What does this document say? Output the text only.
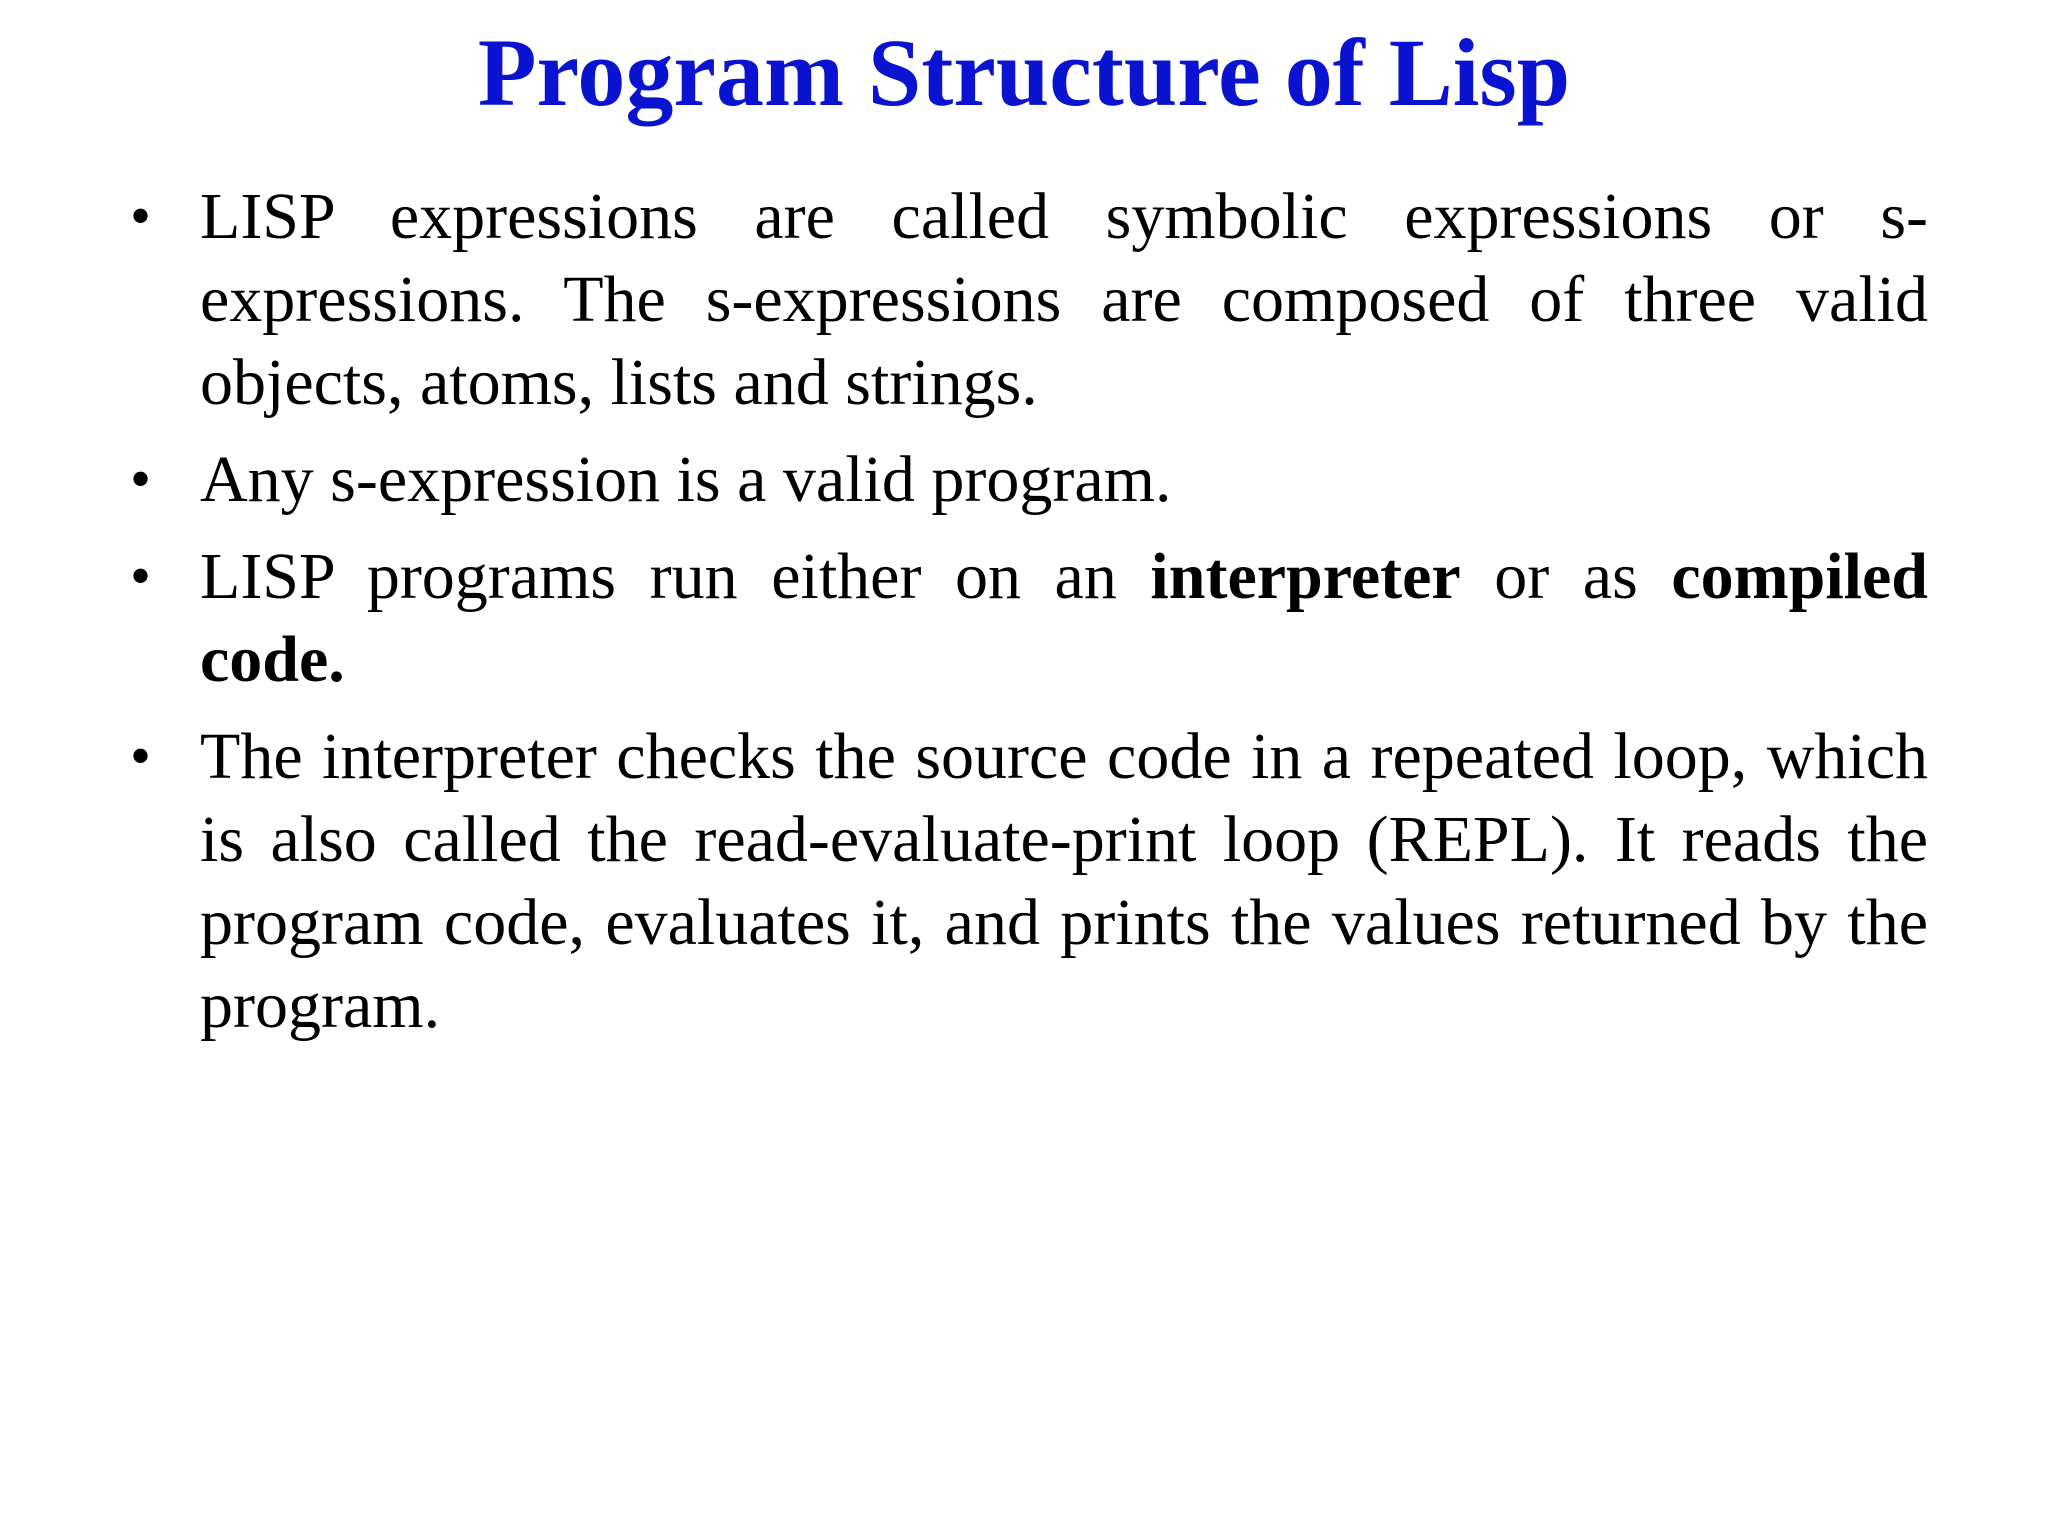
Program Structure of Lisp
• LISP expressions are called symbolic expressions or s-expressions. The s-expressions are composed of three valid objects, atoms, lists and strings.
• Any s-expression is a valid program.
• LISP programs run either on an interpreter or as compiled code.
• The interpreter checks the source code in a repeated loop, which is also called the read-evaluate-print loop (REPL). It reads the program code, evaluates it, and prints the values returned by the program.
